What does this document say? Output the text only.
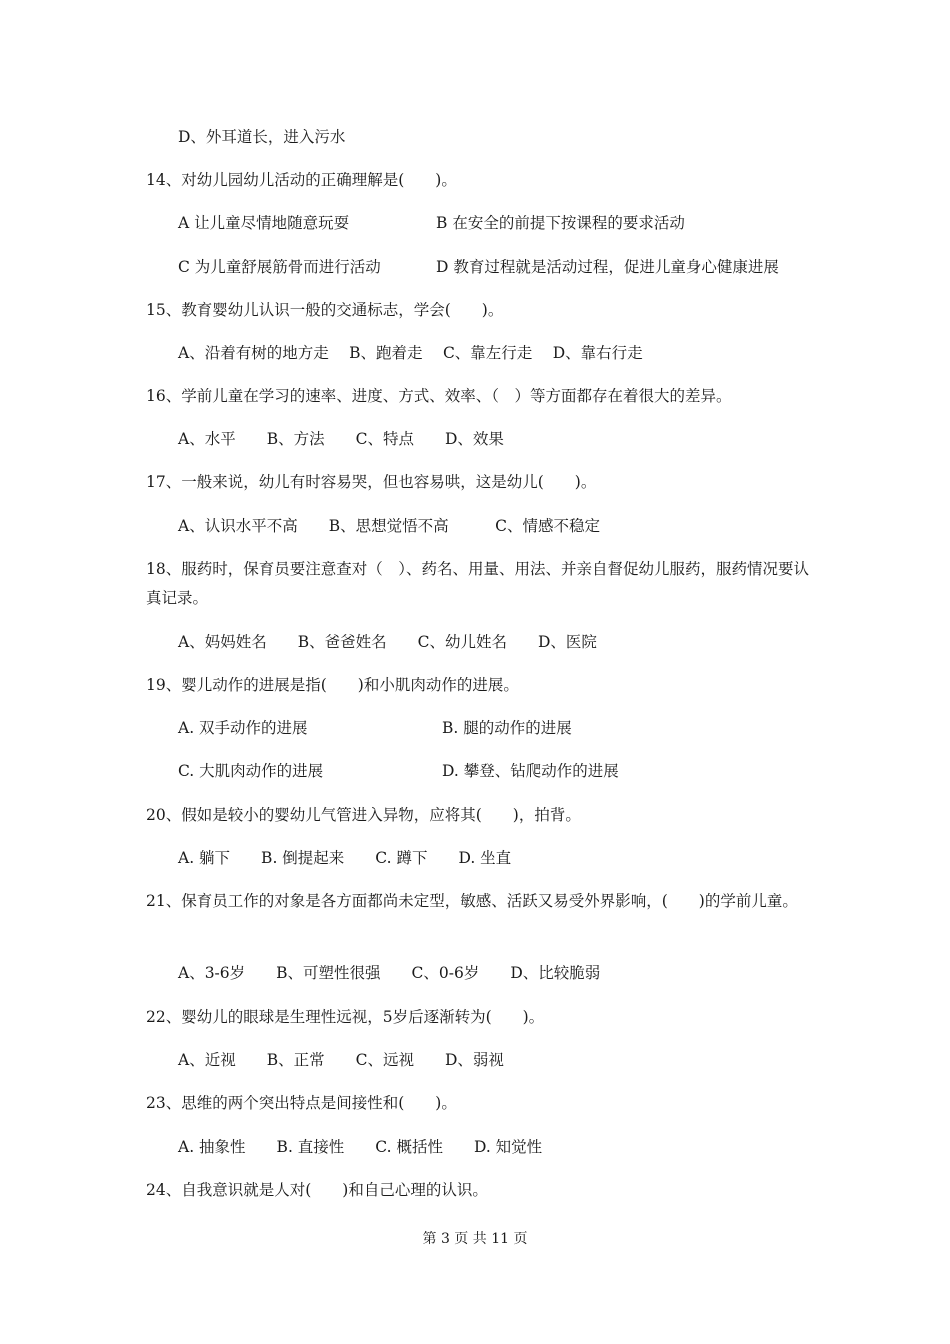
D、外耳道长，进入污水
14、对幼儿园幼儿活动的正确理解是(　　)。
A 让儿童尽情地随意玩耍	B 在安全的前提下按课程的要求活动
C 为儿童舒展筋骨而进行活动	D 教育过程就是活动过程，促进儿童身心健康进展
15、教育婴幼儿认识一般的交通标志，学会(　　)。
A、沿着有树的地方走　 B、跑着走　 C、靠左行走　 D、靠右行走
16、学前儿童在学习的速率、进度、方式、效率、（　）等方面都存在着很大的差异。
A、水平　　B、方法　　C、特点　　D、效果
17、一般来说，幼儿有时容易哭，但也容易哄，这是幼儿(　　)。
A、认识水平不高　　B、思想觉悟不高　　　C、情感不稳定
18、服药时，保育员要注意查对（　）、药名、用量、用法、并亲自督促幼儿服药，服药情况要认真记录。
A、妈妈姓名　　B、爸爸姓名　　C、幼儿姓名　　D、医院
19、婴儿动作的进展是指(　　)和小肌肉动作的进展。
A. 双手动作的进展	B. 腿的动作的进展
C. 大肌肉动作的进展	D. 攀登、钻爬动作的进展
20、假如是较小的婴幼儿气管进入异物，应将其(　　)，拍背。
A. 躺下　　B. 倒提起来　　C. 蹲下　　D. 坐直
21、保育员工作的对象是各方面都尚未定型，敏感、活跃又易受外界影响，(　　)的学前儿童。
A、3-6岁　　B、可塑性很强　　C、0-6岁　　D、比较脆弱
22、婴幼儿的眼球是生理性远视，5岁后逐渐转为(　　)。
A、近视　　B、正常　　C、远视　　D、弱视
23、思维的两个突出特点是间接性和(　　)。
A. 抽象性　　B. 直接性　　C. 概括性　　D. 知觉性
24、自我意识就是人对(　　)和自己心理的认识。
第 3 页 共 11 页
